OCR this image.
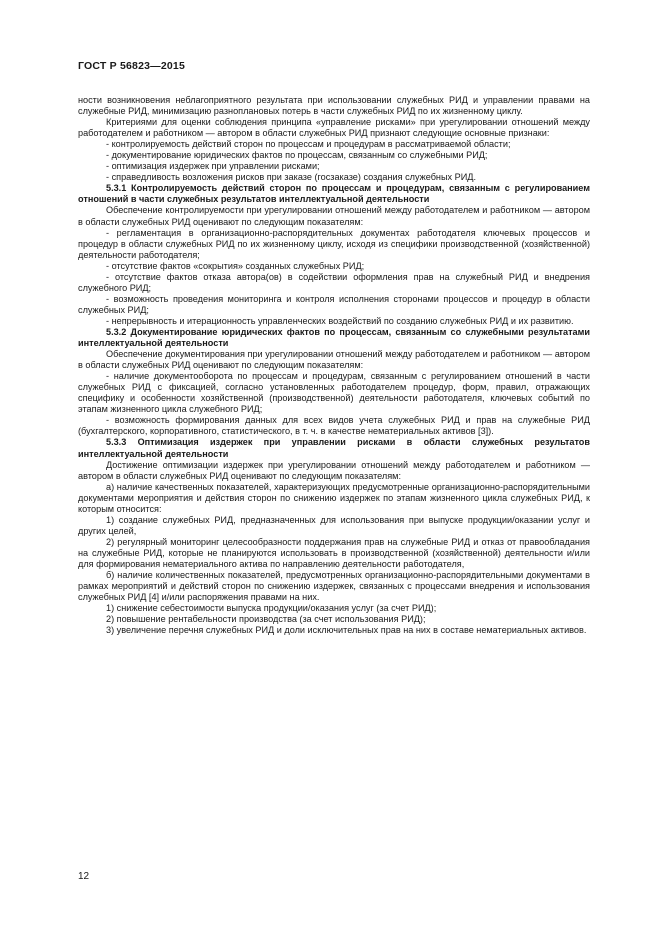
ГОСТ Р 56823—2015

ности возникновения неблагоприятного результата при использовании служебных РИД и управлении правами на служебные РИД, минимизацию разноплановых потерь в части служебных РИД по их жизненному циклу.

Критериями для оценки соблюдения принципа «управление рисками» при урегулировании отношений между работодателем и работником — автором в области служебных РИД признают следующие основные признаки:

- контролируемость действий сторон по процессам и процедурам в рассматриваемой области;

- документирование юридических фактов по процессам, связанным со служебными РИД;

- оптимизация издержек при управлении рисками;

- справедливость возложения рисков при заказе (госзаказе) создания служебных РИД.

5.3.1 Контролируемость действий сторон по процессам и процедурам, связанным с регулированием отношений в части служебных результатов интеллектуальной деятельности

Обеспечение контролируемости при урегулировании отношений между работодателем и работником — автором в области служебных РИД оценивают по следующим показателям:

- регламентация в организационно-распорядительных документах работодателя ключевых процессов и процедур в области служебных РИД по их жизненному циклу, исходя из специфики производственной (хозяйственной) деятельности работодателя;

- отсутствие фактов «сокрытия» созданных служебных РИД;

- отсутствие фактов отказа автора(ов) в содействии оформления прав на служебный РИД и внедрения служебного РИД;

- возможность проведения мониторинга и контроля исполнения сторонами процессов и процедур в области служебных РИД;

- непрерывность и итерационность управленческих воздействий по созданию служебных РИД и их развитию.

5.3.2 Документирование юридических фактов по процессам, связанным со служебными результатами интеллектуальной деятельности

Обеспечение документирования при урегулировании отношений между работодателем и работником — автором в области служебных РИД оценивают по следующим показателям:

- наличие документооборота по процессам и процедурам, связанным с регулированием отношений в части служебных РИД с фиксацией, согласно установленных работодателем процедур, форм, правил, отражающих специфику и особенности хозяйственной (производственной) деятельности работодателя, ключевых событий по этапам жизненного цикла служебного РИД;

- возможность формирования данных для всех видов учета служебных РИД и прав на служебные РИД (бухгалтерского, корпоративного, статистического, в т. ч. в качестве нематериальных активов [3]).

5.3.3 Оптимизация издержек при управлении рисками в области служебных результатов интеллектуальной деятельности

Достижение оптимизации издержек при урегулировании отношений между работодателем и работником — автором в области служебных РИД оценивают по следующим показателям:

а) наличие качественных показателей, характеризующих предусмотренные организационно-распорядительными документами мероприятия и действия сторон по снижению издержек по этапам жизненного цикла служебных РИД, к которым относится:

1) создание служебных РИД, предназначенных для использования при выпуске продукции/оказании услуг и других целей,

2) регулярный мониторинг целесообразности поддержания прав на служебные РИД и отказ от правообладания на служебные РИД, которые не планируются использовать в производственной (хозяйственной) деятельности и/или для формирования нематериального актива по направлению деятельности работодателя,

б) наличие количественных показателей, предусмотренных организационно-распорядительными документами в рамках мероприятий и действий сторон по снижению издержек, связанных с процессами внедрения и использования служебных РИД [4] и/или распоряжения правами на них.

1) снижение себестоимости выпуска продукции/оказания услуг (за счет РИД);

2) повышение рентабельности производства (за счет использования РИД);

3) увеличение перечня служебных РИД и доли исключительных прав на них в составе нематериальных активов.

12
